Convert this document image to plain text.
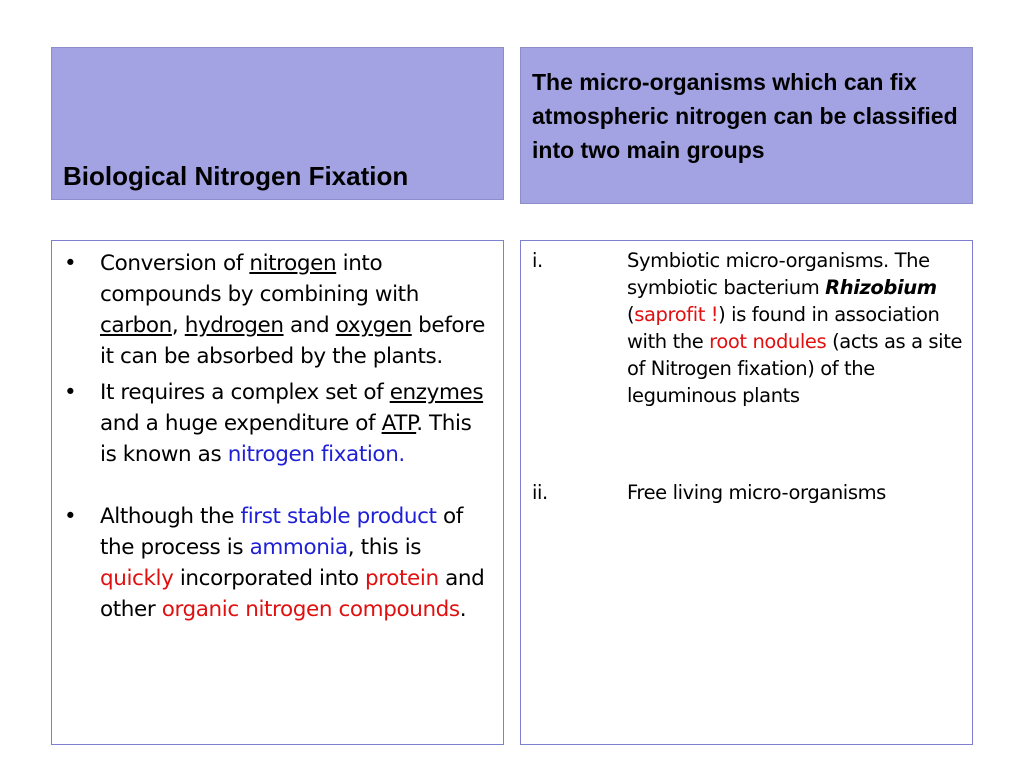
Biological Nitrogen Fixation
The micro-organisms which can fix atmospheric nitrogen can be classified into two main groups
• Conversion of nitrogen into compounds by combining with carbon, hydrogen and oxygen before it can be absorbed by the plants.
• It requires a complex set of enzymes and a huge expenditure of ATP. This is known as nitrogen fixation.
• Although the first stable product of the process is ammonia, this is quickly incorporated into protein and other organic nitrogen compounds.
i.	Symbiotic micro-organisms. The symbiotic bacterium Rhizobium (saprofit !) is found in association with the root nodules (acts as a site of Nitrogen fixation) of the leguminous plants
ii.	Free living micro-organisms
